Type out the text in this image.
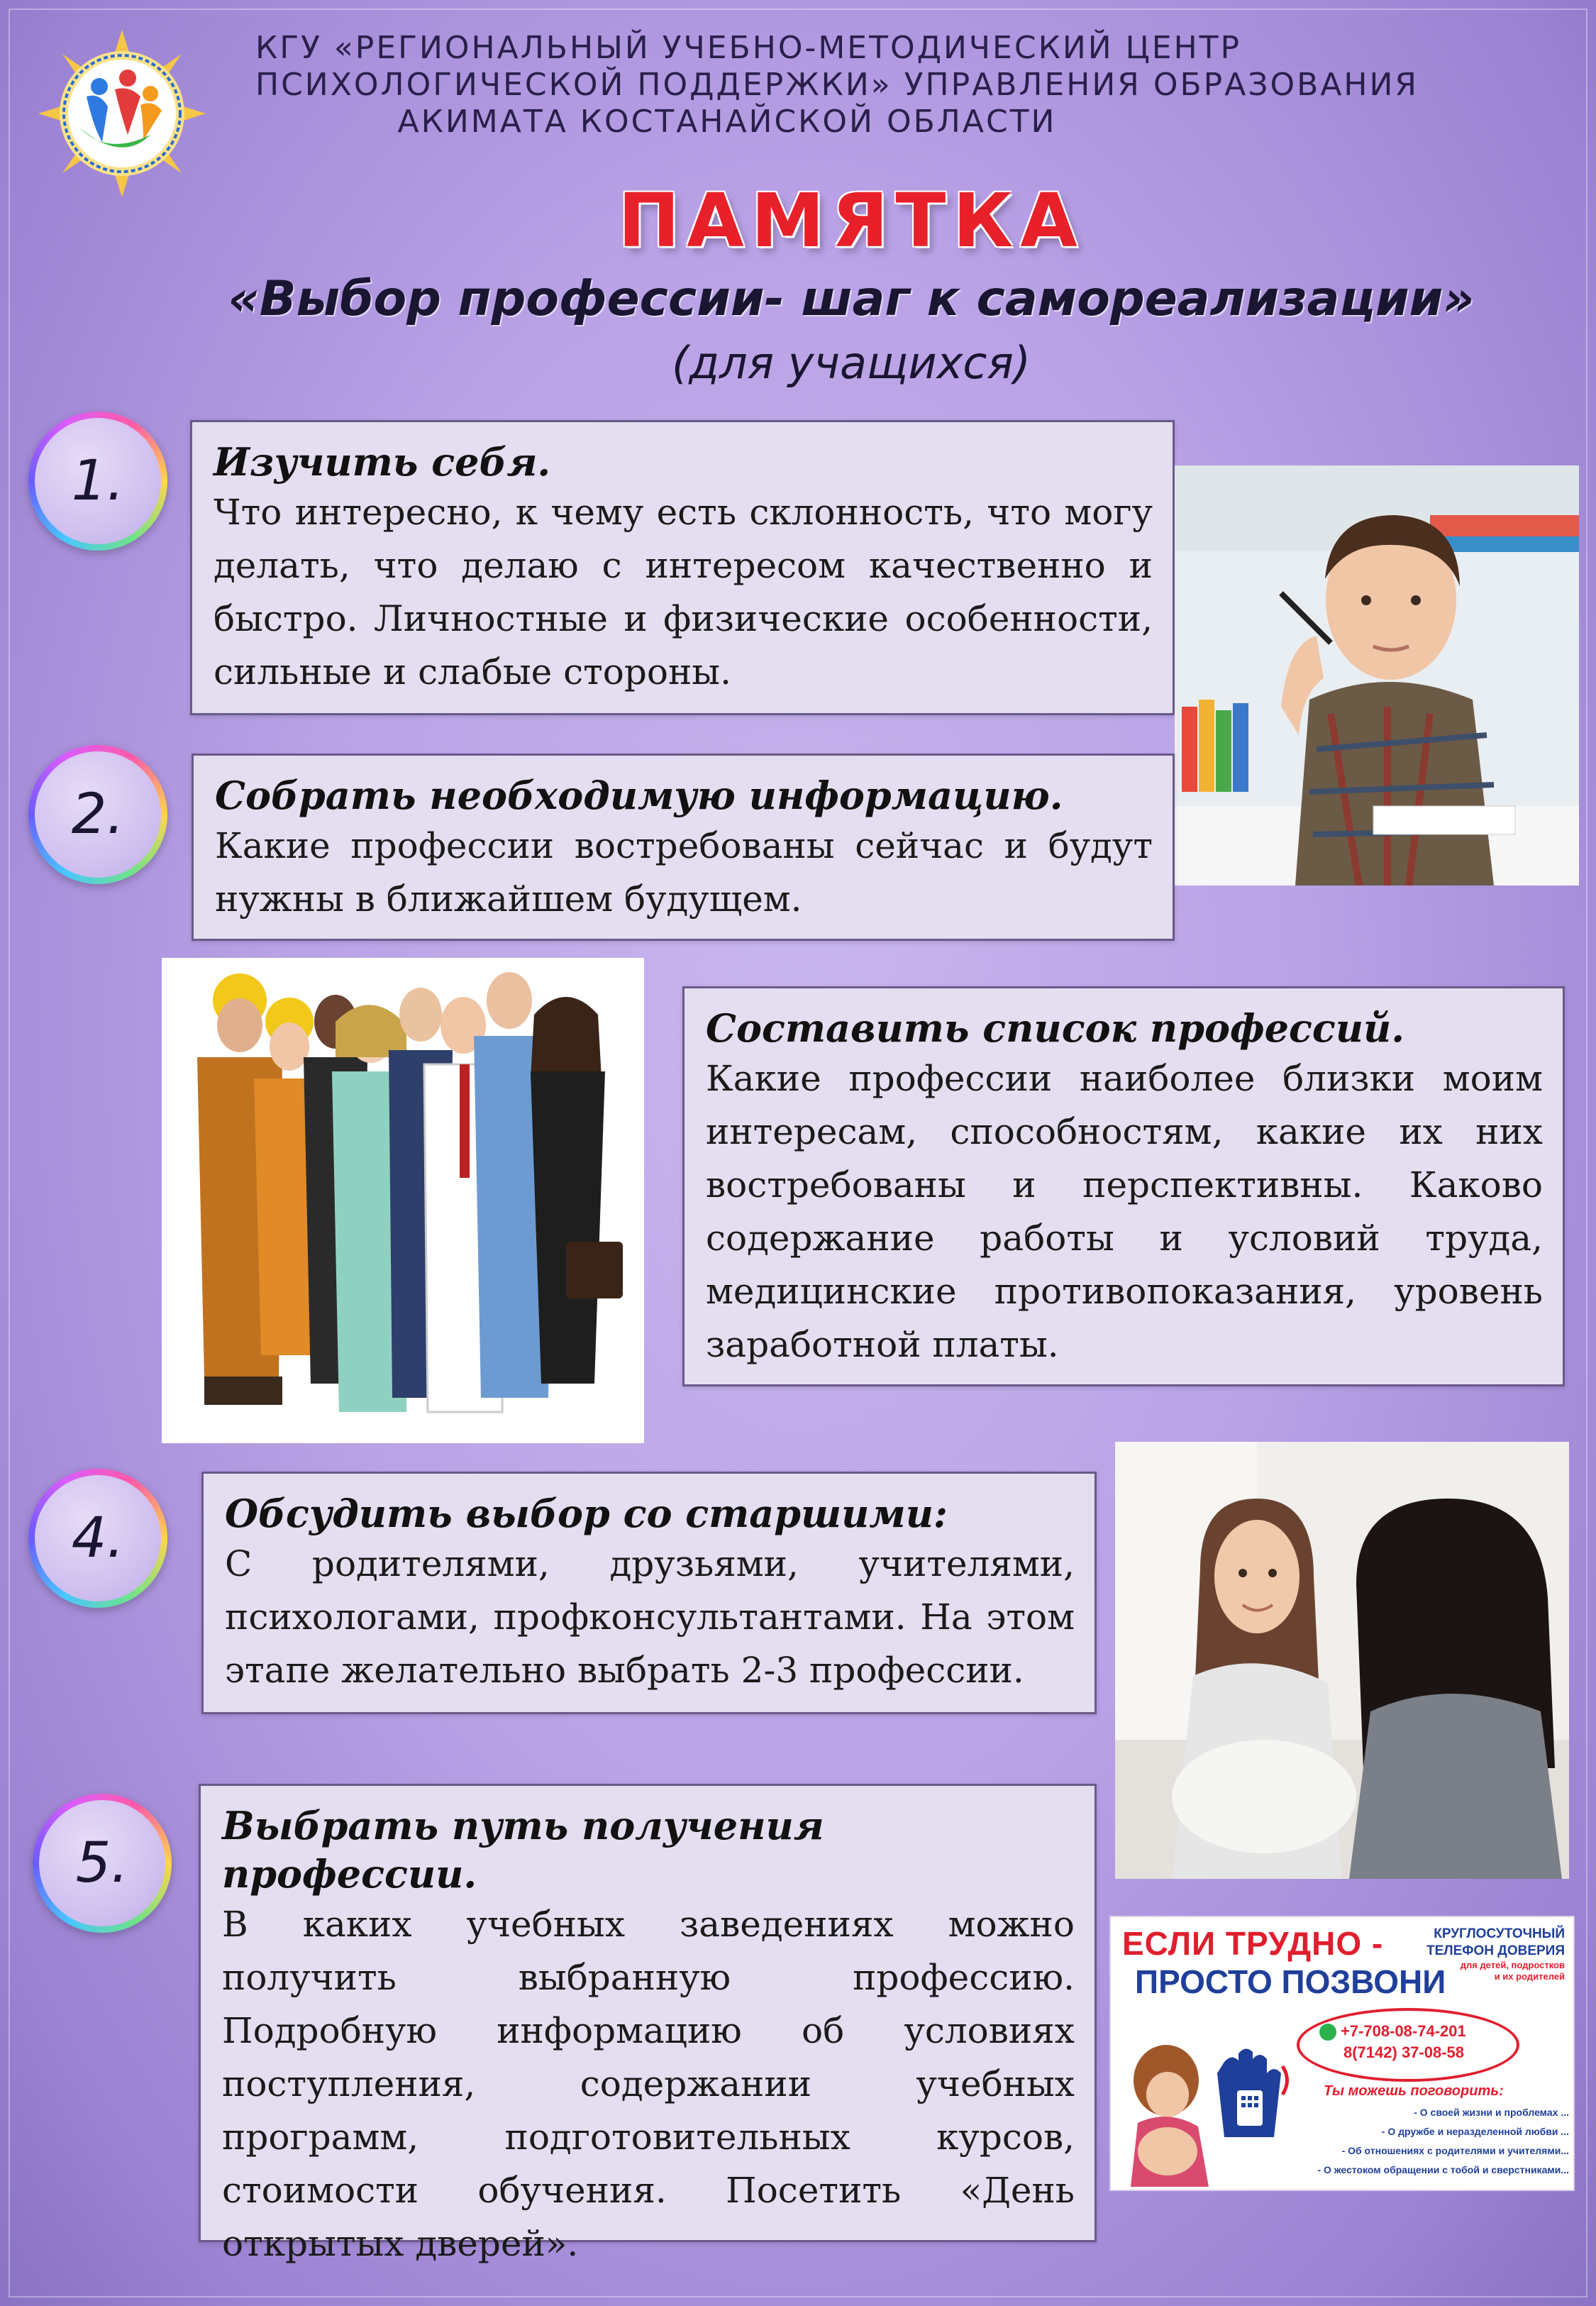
КГУ «РЕГИОНАЛЬНЫЙ УЧЕБНО-МЕТОДИЧЕСКИЙ ЦЕНТР
ПСИХОЛОГИЧЕСКОЙ ПОДДЕРЖКИ» УПРАВЛЕНИЯ ОБРАЗОВАНИЯ
АКИМАТА КОСТАНАЙСКОЙ ОБЛАСТИ
ПАМЯТКА
«Выбор профессии- шаг к самореализации»
(для учащихся)
1. Изучить себя.
Что интересно, к чему есть склонность, что могу делать, что делаю с интересом качественно и быстро. Личностные и физические особенности, сильные и слабые стороны.
2. Собрать необходимую информацию.
Какие профессии востребованы сейчас и будут нужны в ближайшем будущем.
Составить список профессий.
Какие профессии наиболее близки моим интересам, способностям, какие их них востребованы и перспективны. Каково содержание работы и условий труда, медицинские противопоказания, уровень заработной платы.
4.	Обсудить выбор со старшими:
С родителями, друзьями, учителями, психологами, профконсультантами. На этом этапе желательно выбрать 2-3 профессии.
5.
Выбрать путь получения профессии.
В каких учебных заведениях можно получить выбранную профессию. Подробную информацию об условиях поступления, содержании учебных программ, подготовительных курсов, стоимости обучения. Посетить «День открытых дверей».
ЕСЛИ ТРУДНО -
ПРОСТО ПОЗВОНИ
КРУГЛОСУТОЧНЫЙ
ТЕЛЕФОН ДОВЕРИЯ
для детей, подростков
и их родителей
+7-708-08-74-201
8(7142) 37-08-58
Ты можешь поговорить:
- О своей жизни и проблемах ...
- О дружбе и неразделенной любви ...
- Об отношениях с родителями и учителями...
- О жестоком обращении с тобой и сверстниками...
